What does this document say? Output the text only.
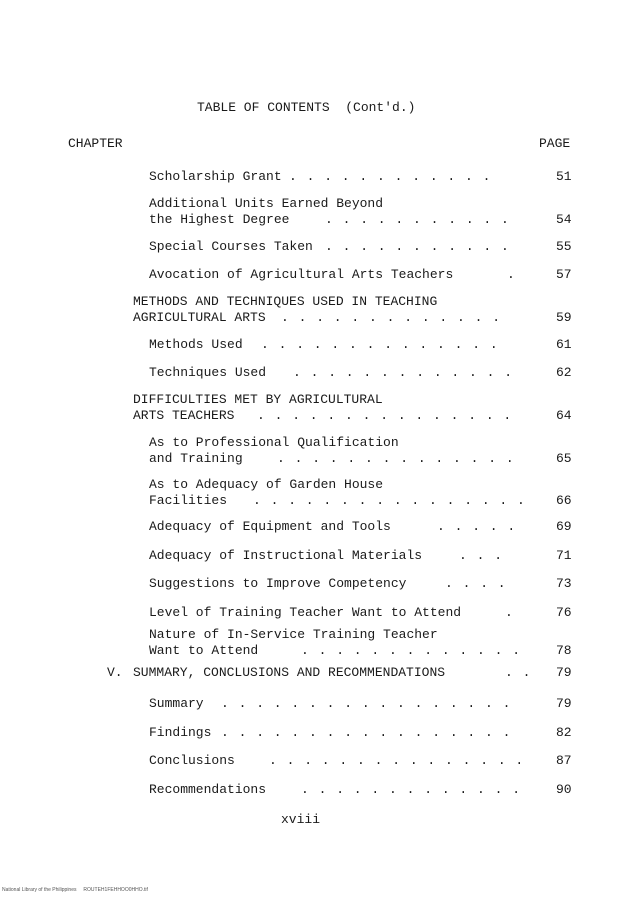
TABLE OF CONTENTS  (Cont'd.)
CHAPTER	PAGE
Scholarship Grant . . . . . . . . . . . .	51
Additional Units Earned Beyond
the Highest Degree	. . . . . . . . . . .	54
Special Courses Taken . . . . . . . . . . .	55
Avocation of Agricultural Arts Teachers	.	57
METHODS AND TECHNIQUES USED IN TEACHING
AGRICULTURAL ARTS . . . . . . . . . . . . .	59
Methods Used . . . . . . . . . . . . . .	61
Techniques Used . . . . . . . . . . . . .	62
DIFFICULTIES MET BY AGRICULTURAL
ARTS TEACHERS . . . . . . . . . . . . . . .	64
As to Professional Qualification
and Training	. . . . . . . . . . . . . .	65
As to Adequacy of Garden House
Facilities . . . . . . . . . . . . . . . . 66
Adequacy of Equipment and Tools	. . . . .	69
Adequacy of Instructional Materials	. . .	71
Suggestions to Improve Competency	. . . .	73
Level of Training Teacher Want to Attend	.	76
Nature of In-Service Training Teacher
Want to Attend	. . . . . . . . . . . . .	78
V. SUMMARY, CONCLUSIONS AND RECOMMENDATIONS	. . 79
Summary . . . . . . . . . . . . . . . . .	79
Findings . . . . . . . . . . . . . . . . .	82
Conclusions	. . . . . . . . . . . . . . . 87
Recommendations	. . . . . . . . . . . . .	90
xviii
National Library of the Philippines     ROUTEH1FEHHOO0HHO.tif
